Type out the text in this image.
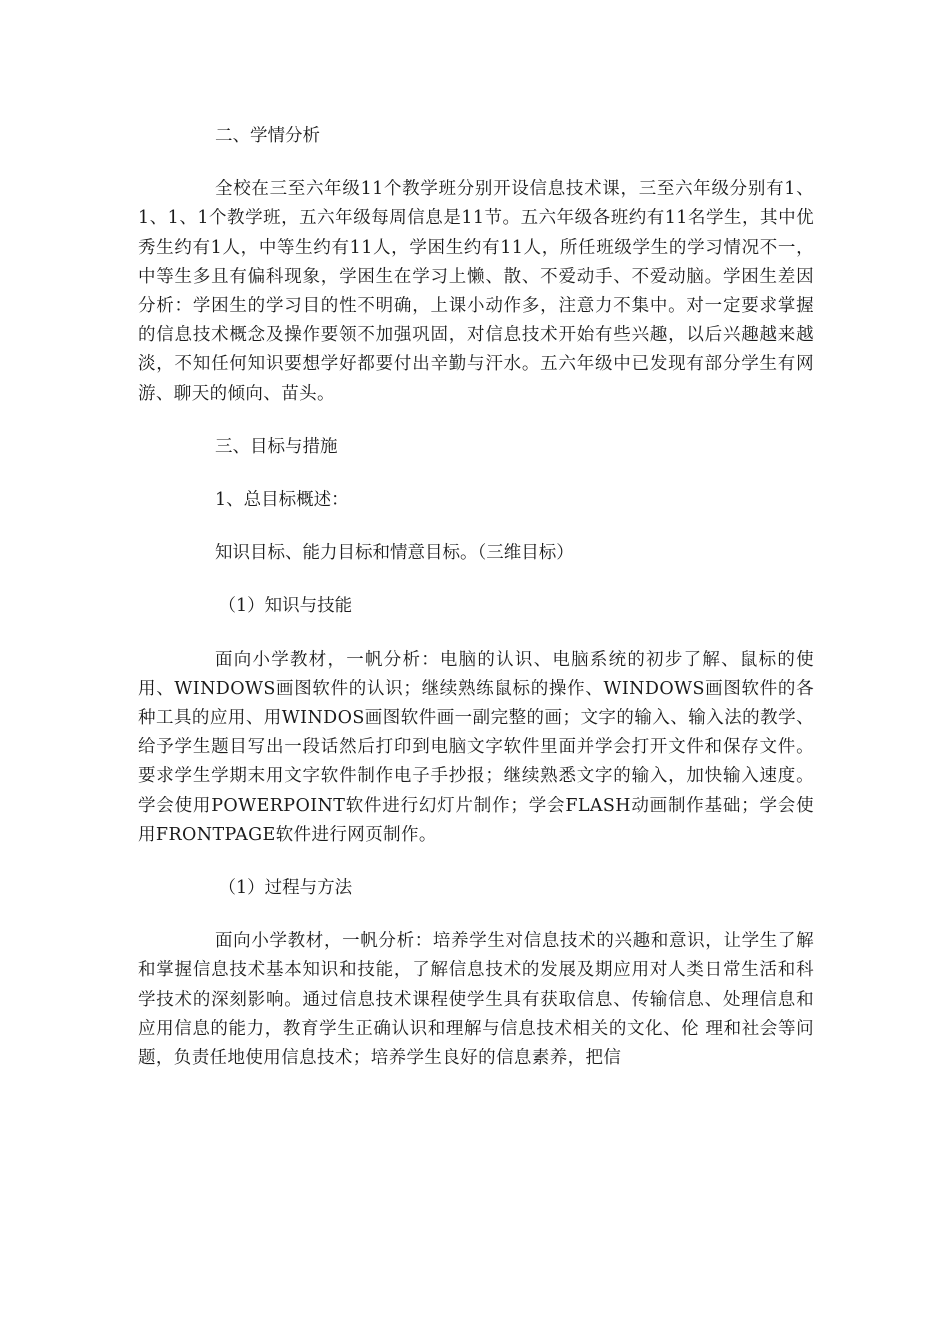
二、学情分析

全校在三至六年级11个教学班分别开设信息技术课，三至六年级分别有1、1、1、1个教学班，五六年级每周信息是11节。五六年级各班约有11名学生，其中优秀生约有1人，中等生约有11人，学困生约有11人，所任班级学生的学习情况不一，中等生多且有偏科现象，学困生在学习上懒、散、不爱动手、不爱动脑。学困生差因分析：学困生的学习目的性不明确，上课小动作多，注意力不集中。对一定要求掌握的信息技术概念及操作要领不加强巩固，对信息技术开始有些兴趣，以后兴趣越来越淡，不知任何知识要想学好都要付出辛勤与汗水。五六年级中已发现有部分学生有网游、聊天的倾向、苗头。

三、目标与措施

1、总目标概述：

知识目标、能力目标和情意目标。（三维目标）

（1）知识与技能

面向小学教材，一帆分析：电脑的认识、电脑系统的初步了解、鼠标的使用、WINDOWS画图软件的认识；继续熟练鼠标的操作、WINDOWS画图软件的各种工具的应用、用WINDOS画图软件画一副完整的画；文字的输入、输入法的教学、给予学生题目写出一段话然后打印到电脑文字软件里面并学会打开文件和保存文件。要求学生学期末用文字软件制作电子手抄报；继续熟悉文字的输入，加快输入速度。学会使用POWERPOINT软件进行幻灯片制作；学会FLASH动画制作基础；学会使用FRONTPAGE软件进行网页制作。

（1）过程与方法

面向小学教材，一帆分析：培养学生对信息技术的兴趣和意识，让学生了解和掌握信息技术基本知识和技能，了解信息技术的发展及期应用对人类日常生活和科学技术的深刻影响。通过信息技术课程使学生具有获取信息、传输信息、处理信息和应用信息的能力，教育学生正确认识和理解与信息技术相关的文化、伦 理和社会等问题，负责任地使用信息技术；培养学生良好的信息素养，把信
